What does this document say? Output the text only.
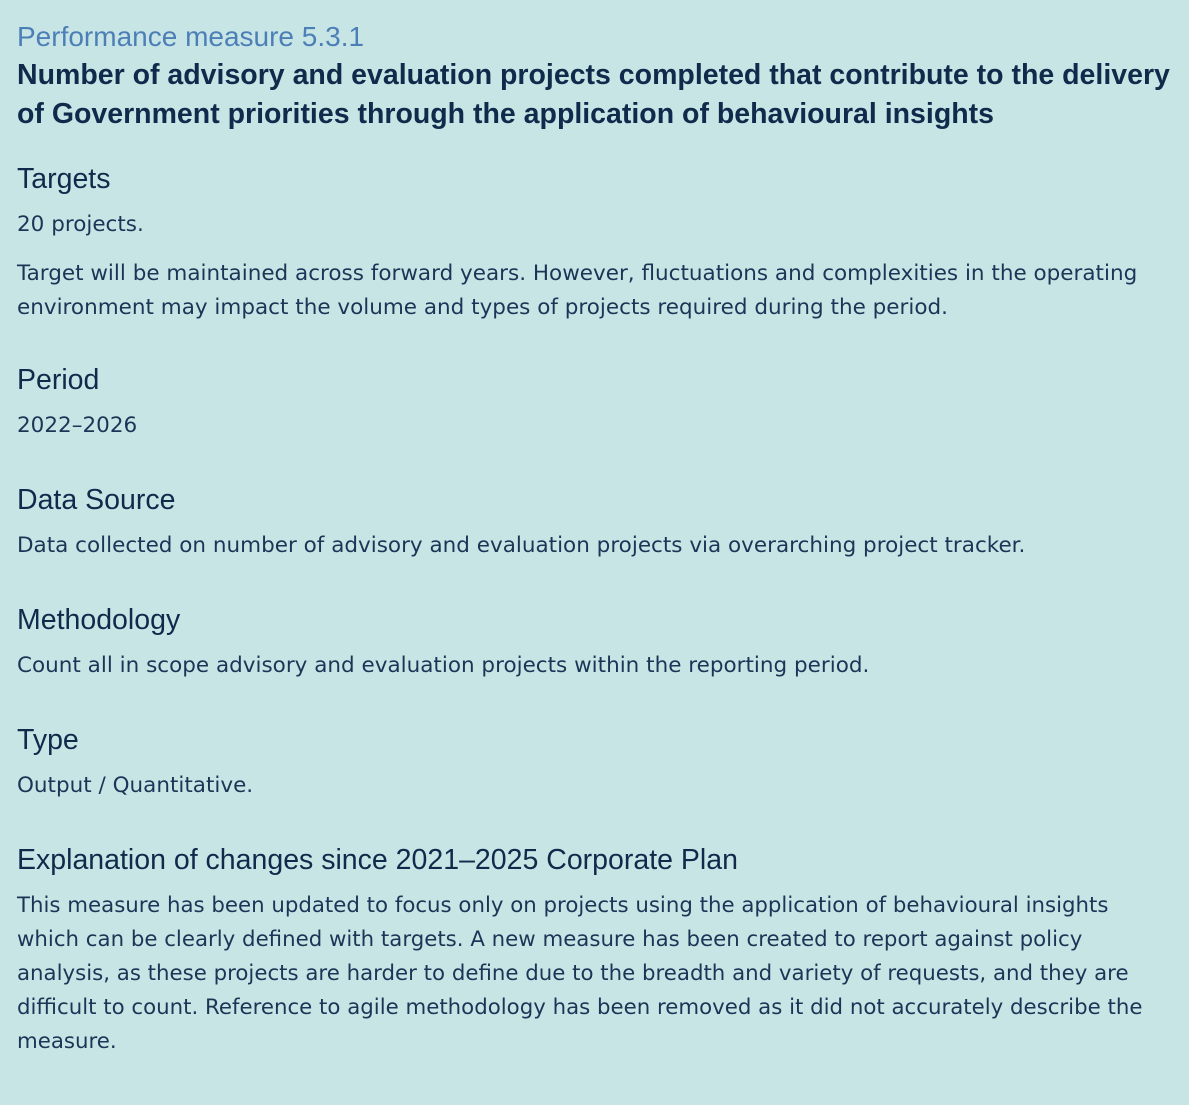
Performance measure 5.3.1

Number of advisory and evaluation projects completed that contribute to the delivery of Government priorities through the application of behavioural insights
Targets

20 projects.

Target will be maintained across forward years. However, fluctuations and complexities in the operating environment may impact the volume and types of projects required during the period.

Period

2022–2026

Data Source

Data collected on number of advisory and evaluation projects via overarching project tracker.

Methodology

Count all in scope advisory and evaluation projects within the reporting period.

Type

Output / Quantitative.

Explanation of changes since 2021–2025 Corporate Plan

This measure has been updated to focus only on projects using the application of behavioural insights which can be clearly defined with targets. A new measure has been created to report against policy analysis, as these projects are harder to define due to the breadth and variety of requests, and they are difficult to count. Reference to agile methodology has been removed as it did not accurately describe the measure.
